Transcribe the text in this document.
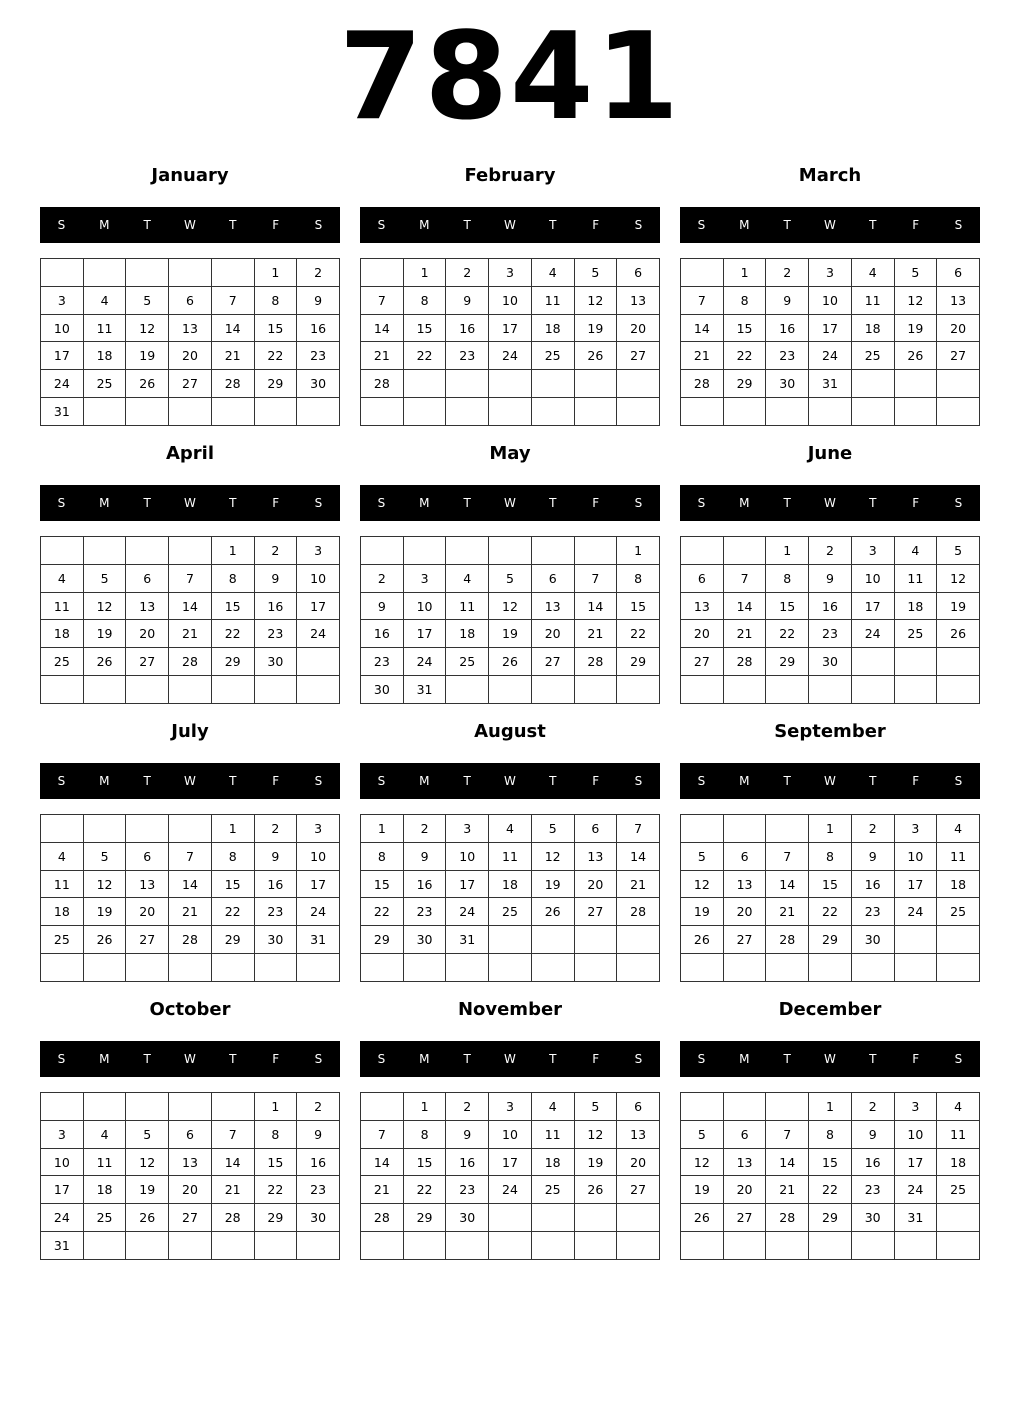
7841
January
S	M	T	W	T	F	S
					1	2
3	4	5	6	7	8	9
10	11	12	13	14	15	16
17	18	19	20	21	22	23
24	25	26	27	28	29	30
31						
February
S	M	T	W	T	F	S
	1	2	3	4	5	6
7	8	9	10	11	12	13
14	15	16	17	18	19	20
21	22	23	24	25	26	27
28						

March
S	M	T	W	T	F	S
	1	2	3	4	5	6
7	8	9	10	11	12	13
14	15	16	17	18	19	20
21	22	23	24	25	26	27
28	29	30	31			

April
S	M	T	W	T	F	S
				1	2	3
4	5	6	7	8	9	10
11	12	13	14	15	16	17
18	19	20	21	22	23	24
25	26	27	28	29	30	

May
S	M	T	W	T	F	S
						1
2	3	4	5	6	7	8
9	10	11	12	13	14	15
16	17	18	19	20	21	22
23	24	25	26	27	28	29
30	31					
June
S	M	T	W	T	F	S
		1	2	3	4	5
6	7	8	9	10	11	12
13	14	15	16	17	18	19
20	21	22	23	24	25	26
27	28	29	30			

July
S	M	T	W	T	F	S
				1	2	3
4	5	6	7	8	9	10
11	12	13	14	15	16	17
18	19	20	21	22	23	24
25	26	27	28	29	30	31

August
S	M	T	W	T	F	S
1	2	3	4	5	6	7
8	9	10	11	12	13	14
15	16	17	18	19	20	21
22	23	24	25	26	27	28
29	30	31				

September
S	M	T	W	T	F	S
			1	2	3	4
5	6	7	8	9	10	11
12	13	14	15	16	17	18
19	20	21	22	23	24	25
26	27	28	29	30		

October
S	M	T	W	T	F	S
					1	2
3	4	5	6	7	8	9
10	11	12	13	14	15	16
17	18	19	20	21	22	23
24	25	26	27	28	29	30
31						
November
S	M	T	W	T	F	S
	1	2	3	4	5	6
7	8	9	10	11	12	13
14	15	16	17	18	19	20
21	22	23	24	25	26	27
28	29	30				

December
S	M	T	W	T	F	S
			1	2	3	4
5	6	7	8	9	10	11
12	13	14	15	16	17	18
19	20	21	22	23	24	25
26	27	28	29	30	31	
